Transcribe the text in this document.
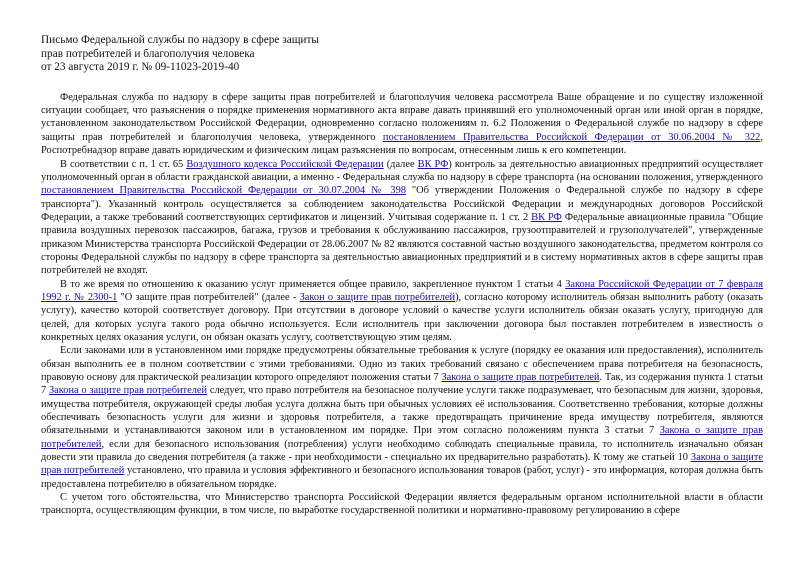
Письмо Федеральной службы по надзору в сфере защиты
прав потребителей и благополучия человека
от 23 августа 2019 г. № 09-11023-2019-40

Федеральная служба по надзору в сфере защиты прав потребителей и благополучия человека рассмотрела Ваше обращение и по существу изложенной ситуации сообщает, что разъяснения о порядке применения нормативного акта вправе давать принявший его уполномоченный орган или иной орган в порядке, установленном законодательством Российской Федерации, одновременно согласно положениям п. 6.2 Положения о Федеральной службе по надзору в сфере защиты прав потребителей и благополучия человека, утвержденного постановлением Правительства Российской Федерации от 30.06.2004 № 322, Роспотребнадзор вправе давать юридическим и физическим лицам разъяснения по вопросам, отнесенным лишь к его компетенции.

В соответствии с п. 1 ст. 65 Воздушного кодекса Российской Федерации (далее ВК РФ) контроль за деятельностью авиационных предприятий осуществляет уполномоченный орган в области гражданской авиации, а именно - Федеральная служба по надзору в сфере транспорта (на основании положения, утвержденного постановлением Правительства Российской Федерации от 30.07.2004 № 398 "Об утверждении Положения о Федеральной службе по надзору в сфере транспорта"). Указанный контроль осуществляется за соблюдением законодательства Российской Федерации и международных договоров Российской Федерации, а также требований соответствующих сертификатов и лицензий. Учитывая содержание п. 1 ст. 2 ВК РФ Федеральные авиационные правила "Общие правила воздушных перевозок пассажиров, багажа, грузов и требования к обслуживанию пассажиров, грузоотправителей и грузополучателей", утвержденные приказом Министерства транспорта Российской Федерации от 28.06.2007 № 82 являются составной частью воздушного законодательства, предметом контроля со стороны Федеральной службы по надзору в сфере транспорта за деятельностью авиационных предприятий и в систему нормативных актов в сфере защиты прав потребителей не входят.

В то же время по отношению к оказанию услуг применяется общее правило, закрепленное пунктом 1 статьи 4 Закона Российской Федерации от 7 февраля 1992 г. № 2300-1 "О защите прав потребителей" (далее - Закон о защите прав потребителей), согласно которому исполнитель обязан выполнить работу (оказать услугу), качество которой соответствует договору. При отсутствии в договоре условий о качестве услуги исполнитель обязан оказать услугу, пригодную для целей, для которых услуга такого рода обычно используется. Если исполнитель при заключении договора был поставлен потребителем в известность о конкретных целях оказания услуги, он обязан оказать услугу, соответствующую этим целям.

Если законами или в установленном ими порядке предусмотрены обязательные требования к услуге (порядку ее оказания или предоставления), исполнитель обязан выполнить ее в полном соответствии с этими требованиями. Одно из таких требований связано с обеспечением права потребителя на безопасность, правовую основу для практической реализации которого определяют положения статьи 7 Закона о защите прав потребителей. Так, из содержания пункта 1 статьи 7 Закона о защите прав потребителей следует, что право потребителя на безопасное получение услуги также подразумевает, что безопасным для жизни, здоровья, имущества потребителя, окружающей среды любая услуга должна быть при обычных условиях её использования. Соответственно требования, которые должны обеспечивать безопасность услуги для жизни и здоровья потребителя, а также предотвращать причинение вреда имуществу потребителя, являются обязательными и устанавливаются законом или в установленном им порядке. При этом согласно положениям пункта 3 статьи 7 Закона о защите прав потребителей, если для безопасного использования (потребления) услуги необходимо соблюдать специальные правила, то исполнитель изначально обязан довести эти правила до сведения потребителя (а также - при необходимости - специально их предварительно разработать). К тому же статьей 10 Закона о защите прав потребителей установлено, что правила и условия эффективного и безопасного использования товаров (работ, услуг) - это информация, которая должна быть предоставлена потребителю в обязательном порядке.

С учетом того обстоятельства, что Министерство транспорта Российской Федерации является федеральным органом исполнительной власти в области транспорта, осуществляющим функции, в том числе, по выработке государственной политики и нормативно-правовому регулированию в сфере
